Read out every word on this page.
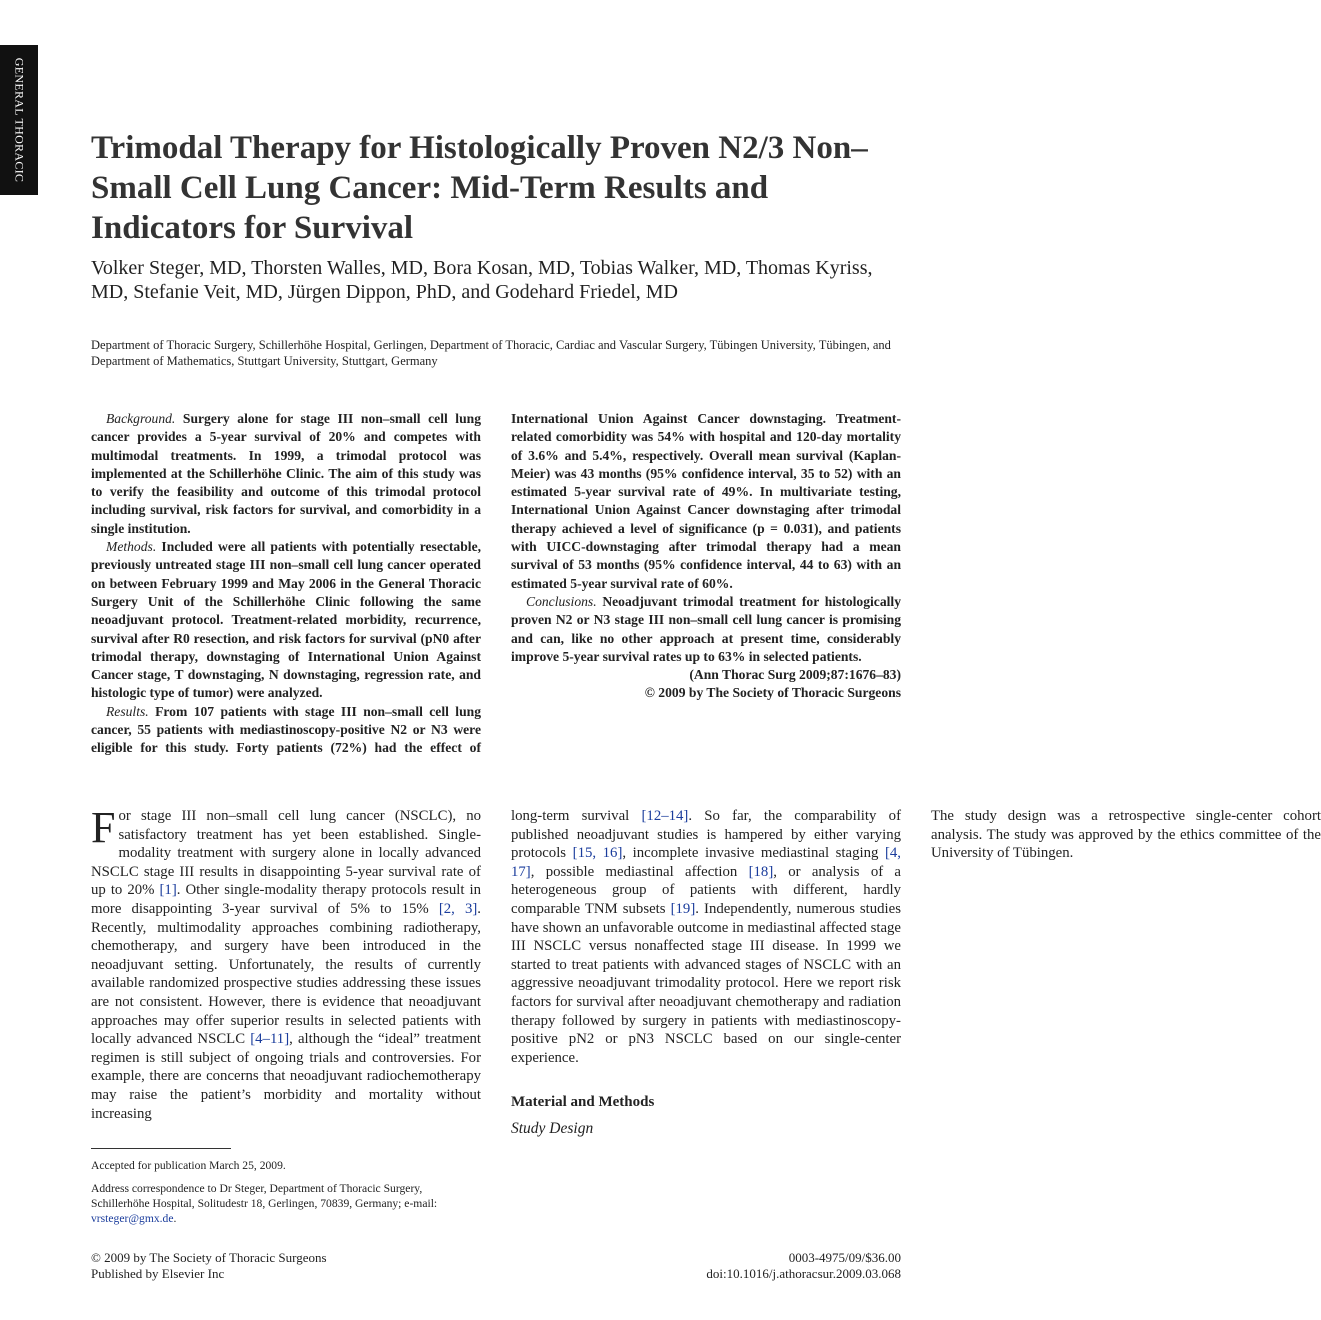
GENERAL THORACIC Trimodal Therapy for Histologically Proven N2/3 Non–Small Cell Lung Cancer: Mid-Term Results and Indicators for Survival
Volker Steger, MD, Thorsten Walles, MD, Bora Kosan, MD, Tobias Walker, MD, Thomas Kyriss, MD, Stefanie Veit, MD, Jürgen Dippon, PhD, and Godehard Friedel, MD
Department of Thoracic Surgery, Schillerhöhe Hospital, Gerlingen, Department of Thoracic, Cardiac and Vascular Surgery, Tübingen University, Tübingen, and Department of Mathematics, Stuttgart University, Stuttgart, Germany

Background. Surgery alone for stage III non–small cell lung cancer provides a 5-year survival of 20% and competes with multimodal treatments. In 1999, a trimodal protocol was implemented at the Schillerhöhe Clinic. The aim of this study was to verify the feasibility and outcome of this trimodal protocol including survival, risk factors for survival, and comorbidity in a single institution.

Methods. Included were all patients with potentially resectable, previously untreated stage III non–small cell lung cancer operated on between February 1999 and May 2006 in the General Thoracic Surgery Unit of the Schillerhöhe Clinic following the same neoadjuvant protocol. Treatment-related morbidity, recurrence, survival after R0 resection, and risk factors for survival (pN0 after trimodal therapy, downstaging of International Union Against Cancer stage, T downstaging, N downstaging, regression rate, and histologic type of tumor) were analyzed.

Results. From 107 patients with stage III non–small cell lung cancer, 55 patients with mediastinoscopy-positive N2 or N3 were eligible for this study. Forty patients (72%) had the effect of International Union Against Cancer downstaging. Treatment-related comorbidity was 54% with hospital and 120-day mortality of 3.6% and 5.4%, respectively. Overall mean survival (Kaplan-Meier) was 43 months (95% confidence interval, 35 to 52) with an estimated 5-year survival rate of 49%. In multivariate testing, International Union Against Cancer downstaging after trimodal therapy achieved a level of significance (p = 0.031), and patients with UICC-downstaging after trimodal therapy had a mean survival of 53 months (95% confidence interval, 44 to 63) with an estimated 5-year survival rate of 60%.

Conclusions. Neoadjuvant trimodal treatment for histologically proven N2 or N3 stage III non–small cell lung cancer is promising and can, like no other approach at present time, considerably improve 5-year survival rates up to 63% in selected patients.

(Ann Thorac Surg 2009;87:1676–83)

© 2009 by The Society of Thoracic Surgeons

For stage III non–small cell lung cancer (NSCLC), no satisfactory treatment has yet been established. Single-modality treatment with surgery alone in locally advanced NSCLC stage III results in disappointing 5-year survival rate of up to 20% [1]. Other single-modality therapy protocols result in more disappointing 3-year survival of 5% to 15% [2, 3]. Recently, multimodality approaches combining radiotherapy, chemotherapy, and surgery have been introduced in the neoadjuvant setting. Unfortunately, the results of currently available randomized prospective studies addressing these issues are not consistent. However, there is evidence that neoadjuvant approaches may offer superior results in selected patients with locally advanced NSCLC [4–11], although the “ideal” treatment regimen is still subject of ongoing trials and controversies. For example, there are concerns that neoadjuvant radiochemotherapy may raise the patient’s morbidity and mortality without increasing

long-term survival [12–14]. So far, the comparability of published neoadjuvant studies is hampered by either varying protocols [15, 16], incomplete invasive mediastinal staging [4, 17], possible mediastinal affection [18], or analysis of a heterogeneous group of patients with different, hardly comparable TNM subsets [19]. Independently, numerous studies have shown an unfavorable outcome in mediastinal affected stage III NSCLC versus nonaffected stage III disease. In 1999 we started to treat patients with advanced stages of NSCLC with an aggressive neoadjuvant trimodality protocol. Here we report risk factors for survival after neoadjuvant chemotherapy and radiation therapy followed by surgery in patients with mediastinoscopy-positive pN2 or pN3 NSCLC based on our single-center experience.

Material and Methods

Study Design

The study design was a retrospective single-center cohort analysis. The study was approved by the ethics committee of the University of Tübingen.

Accepted for publication March 25, 2009.

Address correspondence to Dr Steger, Department of Thoracic Surgery, Schillerhöhe Hospital, Solitudestr 18, Gerlingen, 70839, Germany; e-mail: vrsteger@gmx.de.

© 2009 by The Society of Thoracic Surgeons
Published by Elsevier Inc
0003-4975/09/$36.00
doi:10.1016/j.athoracsur.2009.03.068
